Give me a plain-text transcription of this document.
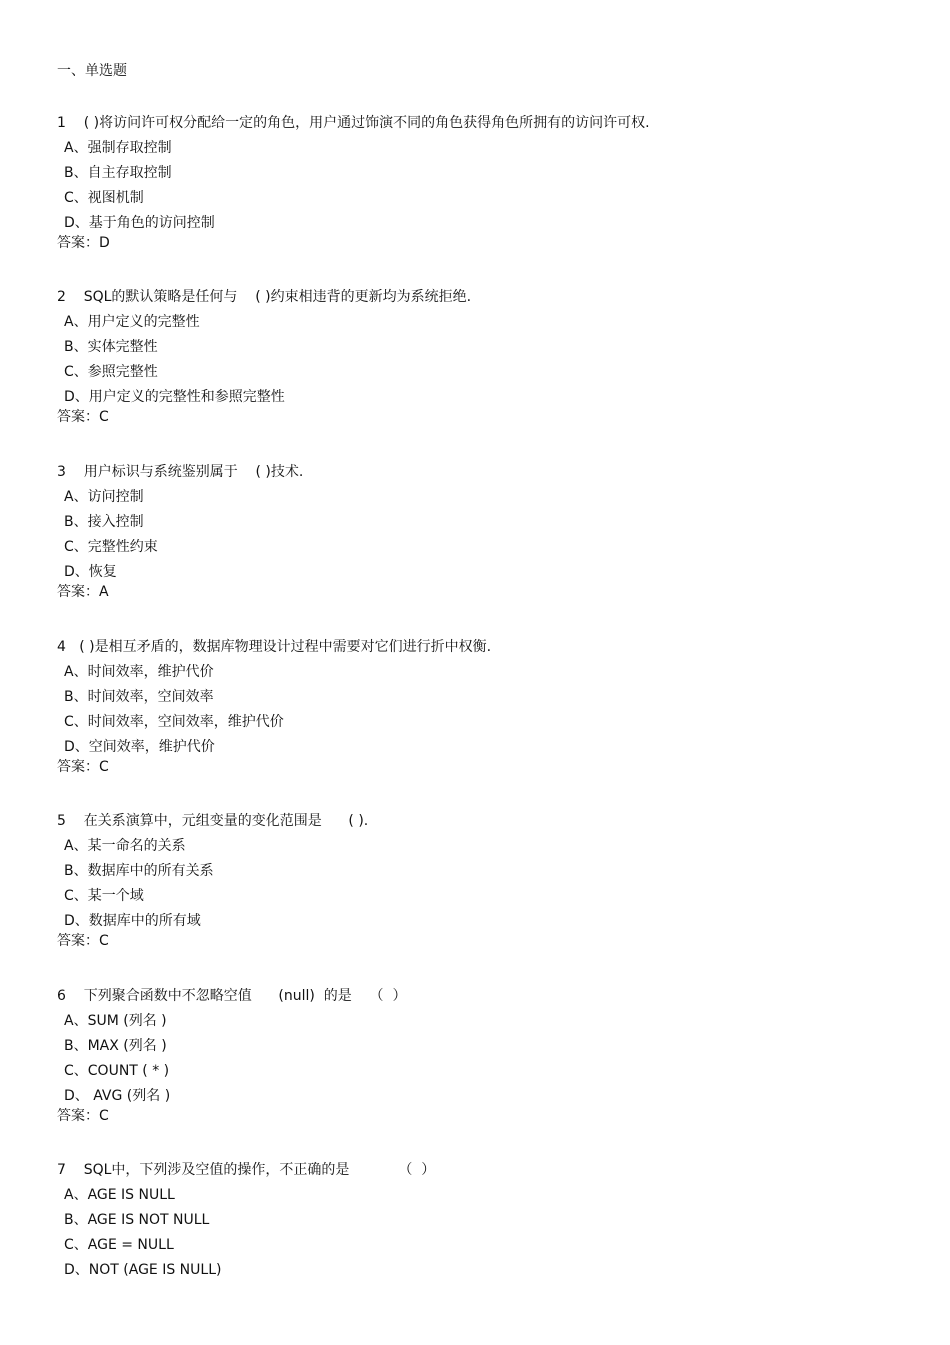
一、单选题
1    ( )将访问许可权分配给一定的角色，用户通过饰演不同的角色获得角色所拥有的访问许可权.
A、强制存取控制
B、自主存取控制
C、视图机制
D、基于角色的访问控制
答案：D
2    SQL的默认策略是任何与    ( )约束相违背的更新均为系统拒绝.
A、用户定义的完整性
B、实体完整性
C、参照完整性
D、用户定义的完整性和参照完整性
答案：C
3    用户标识与系统鉴别属于    ( )技术.
A、访问控制
B、接入控制
C、完整性约束
D、恢复
答案：A
4   ( )是相互矛盾的，数据库物理设计过程中需要对它们进行折中权衡.
A、时间效率，维护代价
B、时间效率，空间效率
C、时间效率，空间效率，维护代价
D、空间效率，维护代价
答案：C
5    在关系演算中，元组变量的变化范围是      ( ).
A、某一命名的关系
B、数据库中的所有关系
C、某一个域
D、数据库中的所有域
答案：C
6    下列聚合函数中不忽略空值      (null)  的是    （  ）
A、SUM (列名 )
B、MAX (列名 )
C、COUNT ( * )
D、 AVG (列名 )
答案：C
7    SQL中，下列涉及空值的操作，不正确的是           （  ）
A、AGE IS NULL
B、AGE IS NOT NULL
C、AGE = NULL
D、NOT (AGE IS NULL)
